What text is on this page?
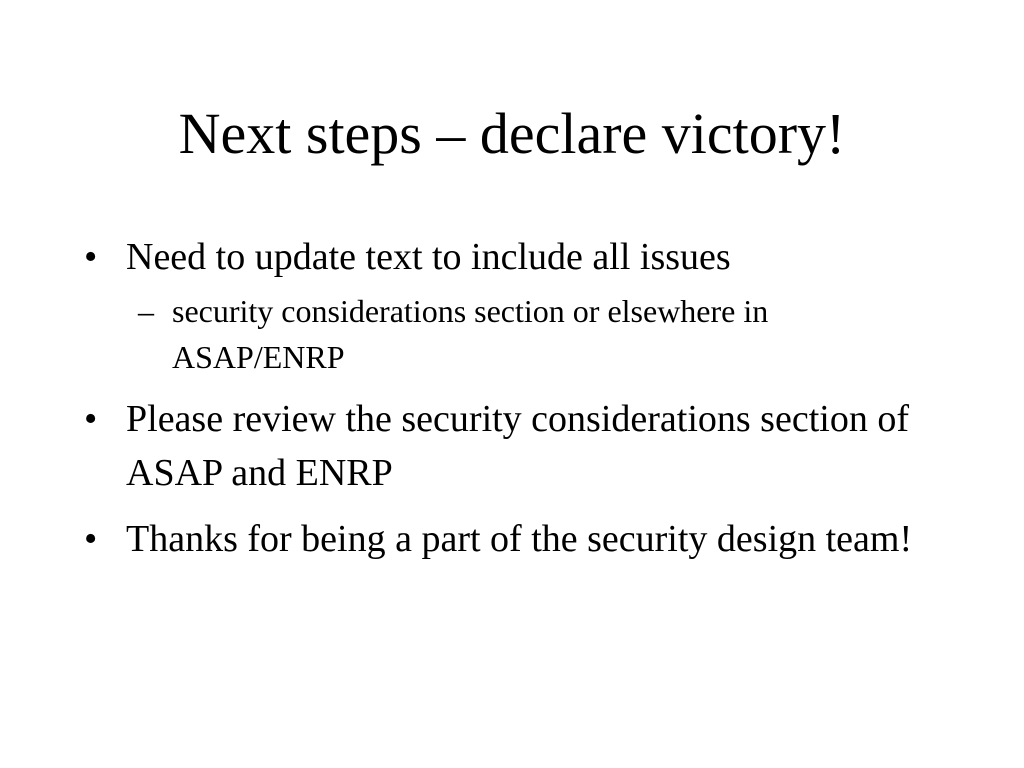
Next steps – declare victory!
• Need to update text to include all issues
– security considerations section or elsewhere in ASAP/ENRP
• Please review the security considerations section of ASAP and ENRP
• Thanks for being a part of the security design team!
